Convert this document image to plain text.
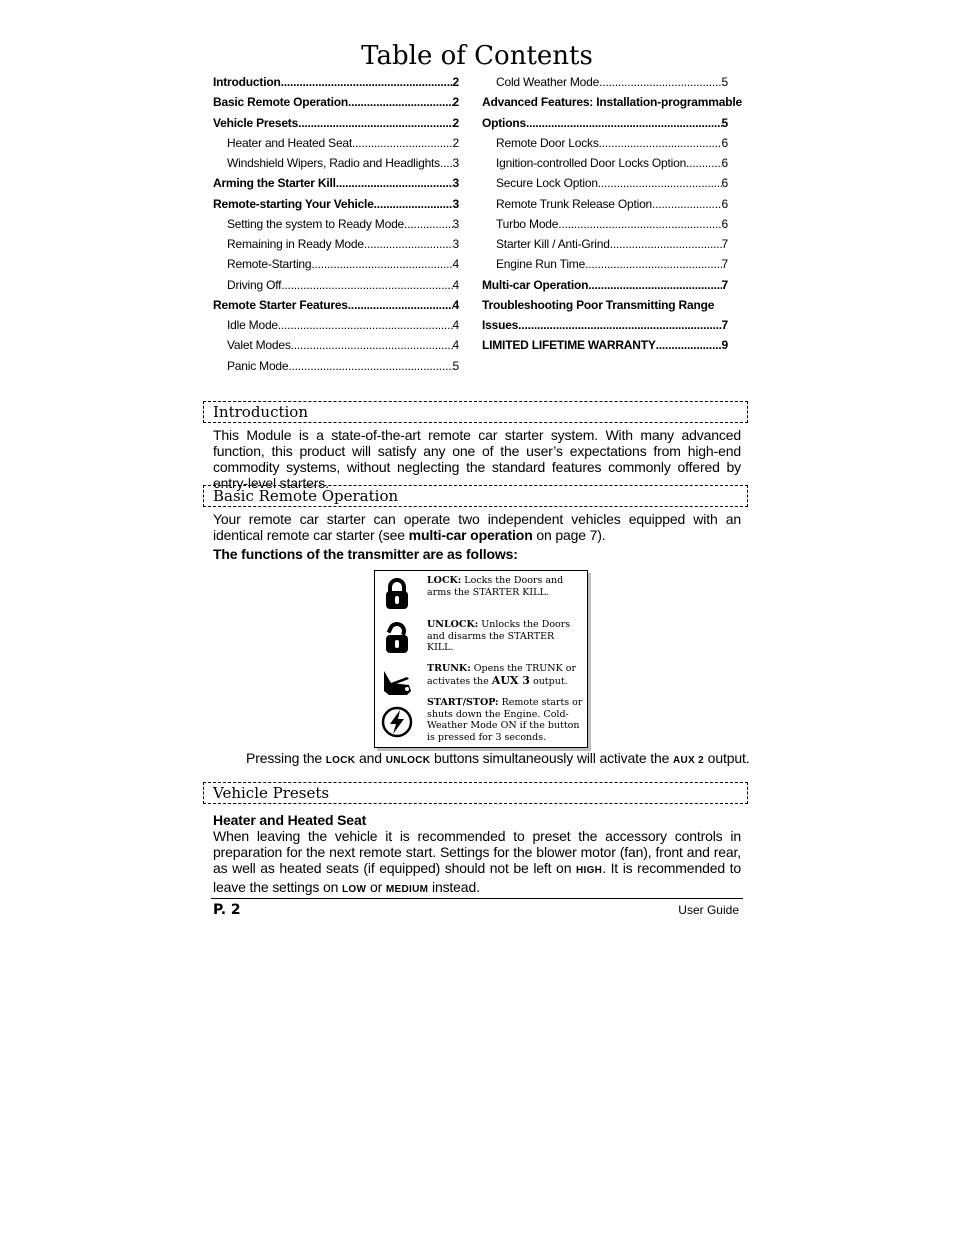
Table of Contents
Introduction .....	2
Basic Remote Operation .....	2
Vehicle Presets .....	2
Heater and Heated Seat .....	2
Windshield Wipers, Radio and Headlights ..... 3
Arming the Starter Kill .....	3
Remote-starting Your Vehicle .....	3
Setting the system to Ready Mode .....	3
Remaining in Ready Mode .....	3
Remote-Starting .....	4
Driving Off .....	4
Remote Starter Features .....	4
Idle Mode .....	4
Valet Modes .....	4
Panic Mode .....	5
Cold Weather Mode .....	5
Advanced Features: Installation-programmable
Options .....	5
Remote Door Locks .....	6
Ignition-controlled Door Locks Option .....	6
Secure Lock Option .....	6
Remote Trunk Release Option .....	6
Turbo Mode .....	6
Starter Kill / Anti-Grind .....	7
Engine Run Time .....	7
Multi-car Operation .....	7
Troubleshooting Poor Transmitting Range
Issues .....	7
LIMITED LIFETIME WARRANTY .....	9
Introduction
This Module is a state-of-the-art remote car starter system. With many advanced function, this product will satisfy any one of the user’s expectations from high-end commodity systems, without neglecting the standard features commonly offered by entry-level starters.
Basic Remote Operation
Your remote car starter can operate two independent vehicles equipped with an identical remote car starter (see multi-car operation on page 7).
The functions of the transmitter are as follows:
LOCK: Locks the Doors and arms the STARTER KILL.
UNLOCK: Unlocks the Doors and disarms the STARTER KILL.
TRUNK: Opens the TRUNK or activates the AUX 3 output.
START/STOP: Remote starts or shuts down the Engine. Cold-Weather Mode ON if the button is pressed for 3 seconds.
Pressing the LOCK and UNLOCK buttons simultaneously will activate the AUX 2 output.
Vehicle Presets
Heater and Heated Seat
When leaving the vehicle it is recommended to preset the accessory controls in preparation for the next remote start. Settings for the blower motor (fan), front and rear, as well as heated seats (if equipped) should not be left on HIGH. It is recommended to leave the settings on LOW or MEDIUM instead.
P. 2	User Guide
